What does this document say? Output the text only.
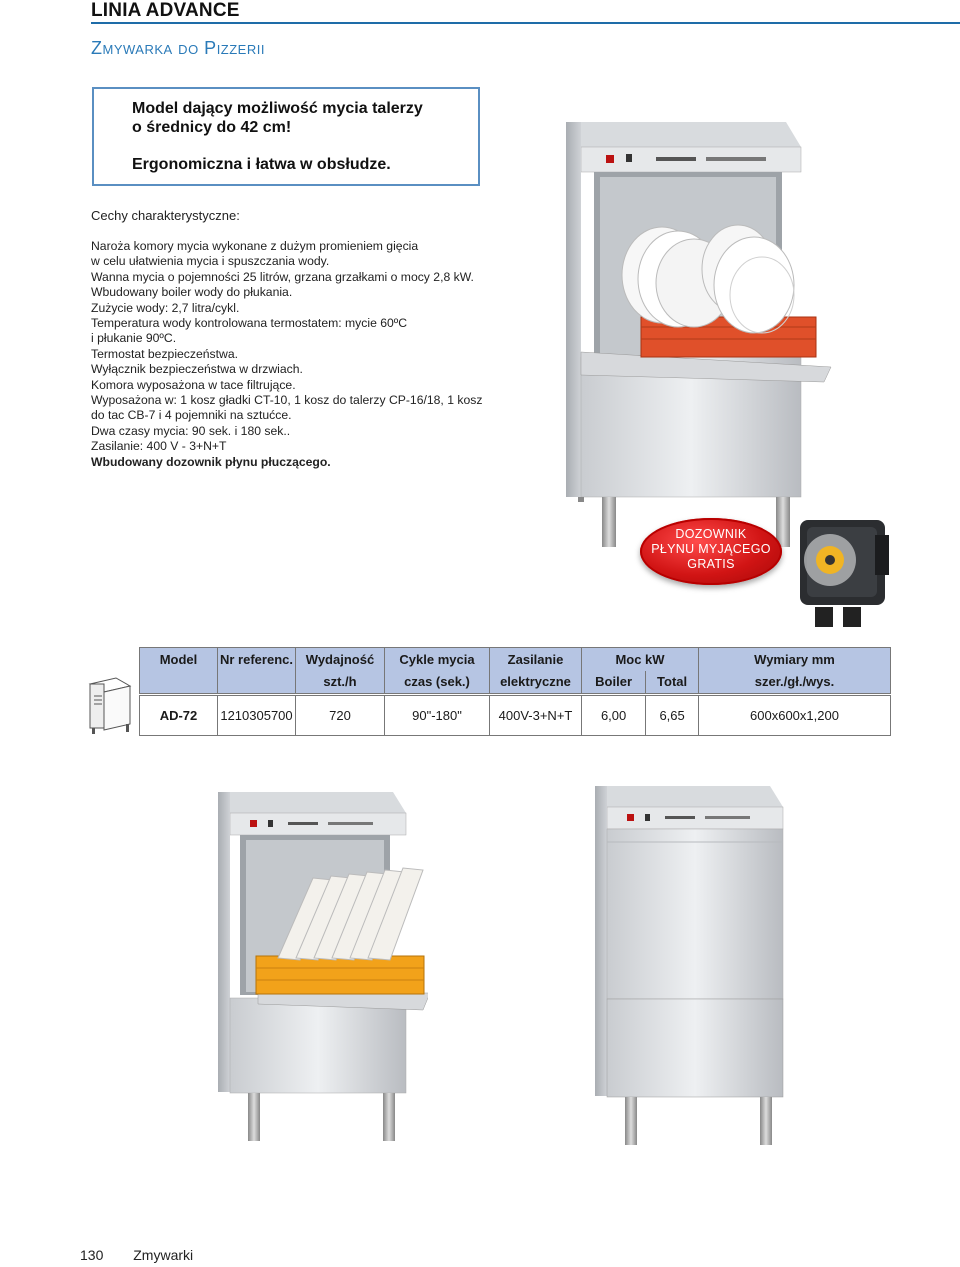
LINIA ADVANCE
Zmywarka do Pizzerii

Model dający możliwość mycia talerzy

o średnicy do 42 cm!

Ergonomiczna i łatwa w obsłudze.

Cechy charakterystyczne:
Naroża komory mycia wykonane z dużym promieniem gięcia
w celu ułatwienia mycia i spuszczania wody.
Wanna mycia o pojemności 25 litrów, grzana grzałkami o mocy 2,8 kW.
Wbudowany boiler wody do płukania.
Zużycie wody: 2,7 litra/cykl.
Temperatura wody kontrolowana termostatem: mycie 60ºC
i płukanie 90ºC.
Termostat bezpieczeństwa.
Wyłącznik bezpieczeństwa w drzwiach.
Komora wyposażona w tace filtrujące.
Wyposażona w: 1 kosz gładki CT-10, 1 kosz do talerzy CP-16/18, 1 kosz
do tac CB-7 i 4 pojemniki na sztućce.
Dwa czasy mycia: 90 sek. i 180 sek..
Zasilanie: 400 V - 3+N+T
Wbudowany dozownik płynu płuczącego.
DOZOWNIK
PŁYNU MYJĄCEGO
GRATIS
Model	Nr referenc.	Wydajność	Cykle mycia	Zasilanie	Moc kW		Wymiary mm
		szt./h	czas (sek.)	elektryczne	Boiler	Total	szer./gł./wys.

AD-72	1210305700	720	90"-180"	400V-3+N+T	6,00	6,65	600x600x1,200
130 Zmywarki
